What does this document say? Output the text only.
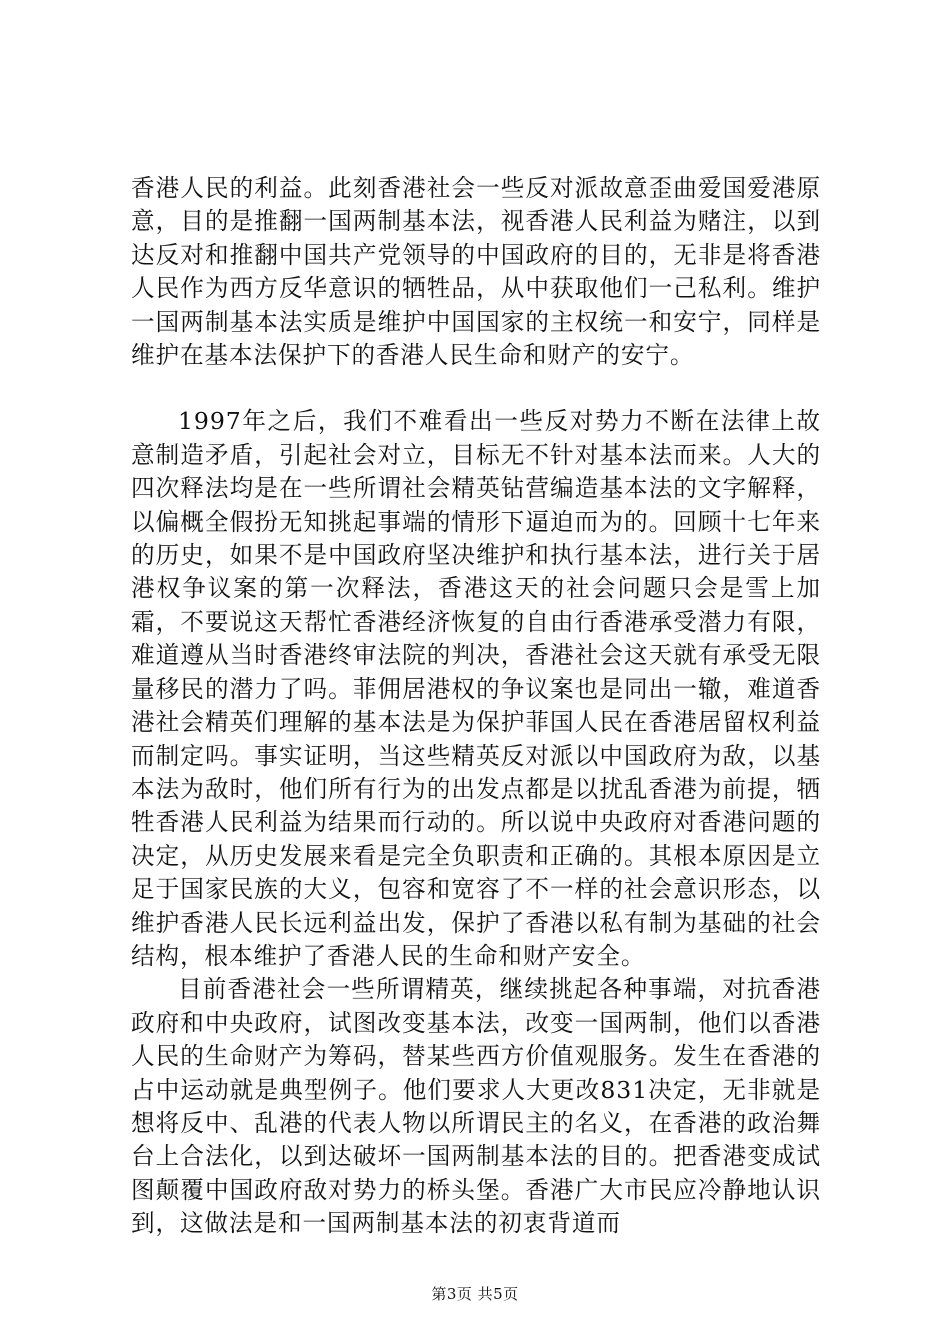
香港人民的利益。此刻香港社会一些反对派故意歪曲爱国爱港原意，目的是推翻一国两制基本法，视香港人民利益为赌注，以到达反对和推翻中国共产党领导的中国政府的目的，无非是将香港人民作为西方反华意识的牺牲品，从中获取他们一己私利。维护一国两制基本法实质是维护中国国家的主权统一和安宁，同样是维护在基本法保护下的香港人民生命和财产的安宁。

1997年之后，我们不难看出一些反对势力不断在法律上故意制造矛盾，引起社会对立，目标无不针对基本法而来。人大的四次释法均是在一些所谓社会精英钻营编造基本法的文字解释，以偏概全假扮无知挑起事端的情形下逼迫而为的。回顾十七年来的历史，如果不是中国政府坚决维护和执行基本法，进行关于居港权争议案的第一次释法，香港这天的社会问题只会是雪上加霜，不要说这天帮忙香港经济恢复的自由行香港承受潜力有限，难道遵从当时香港终审法院的判决，香港社会这天就有承受无限量移民的潜力了吗。菲佣居港权的争议案也是同出一辙，难道香港社会精英们理解的基本法是为保护菲国人民在香港居留权利益而制定吗。事实证明，当这些精英反对派以中国政府为敌，以基本法为敌时，他们所有行为的出发点都是以扰乱香港为前提，牺牲香港人民利益为结果而行动的。所以说中央政府对香港问题的决定，从历史发展来看是完全负职责和正确的。其根本原因是立足于国家民族的大义，包容和宽容了不一样的社会意识形态，以维护香港人民长远利益出发，保护了香港以私有制为基础的社会结构，根本维护了香港人民的生命和财产安全。

目前香港社会一些所谓精英，继续挑起各种事端，对抗香港政府和中央政府，试图改变基本法，改变一国两制，他们以香港人民的生命财产为筹码，替某些西方价值观服务。发生在香港的占中运动就是典型例子。他们要求人大更改831决定，无非就是想将反中、乱港的代表人物以所谓民主的名义，在香港的政治舞台上合法化，以到达破坏一国两制基本法的目的。把香港变成试图颠覆中国政府敌对势力的桥头堡。香港广大市民应冷静地认识到，这做法是和一国两制基本法的初衷背道而

第3页 共5页
